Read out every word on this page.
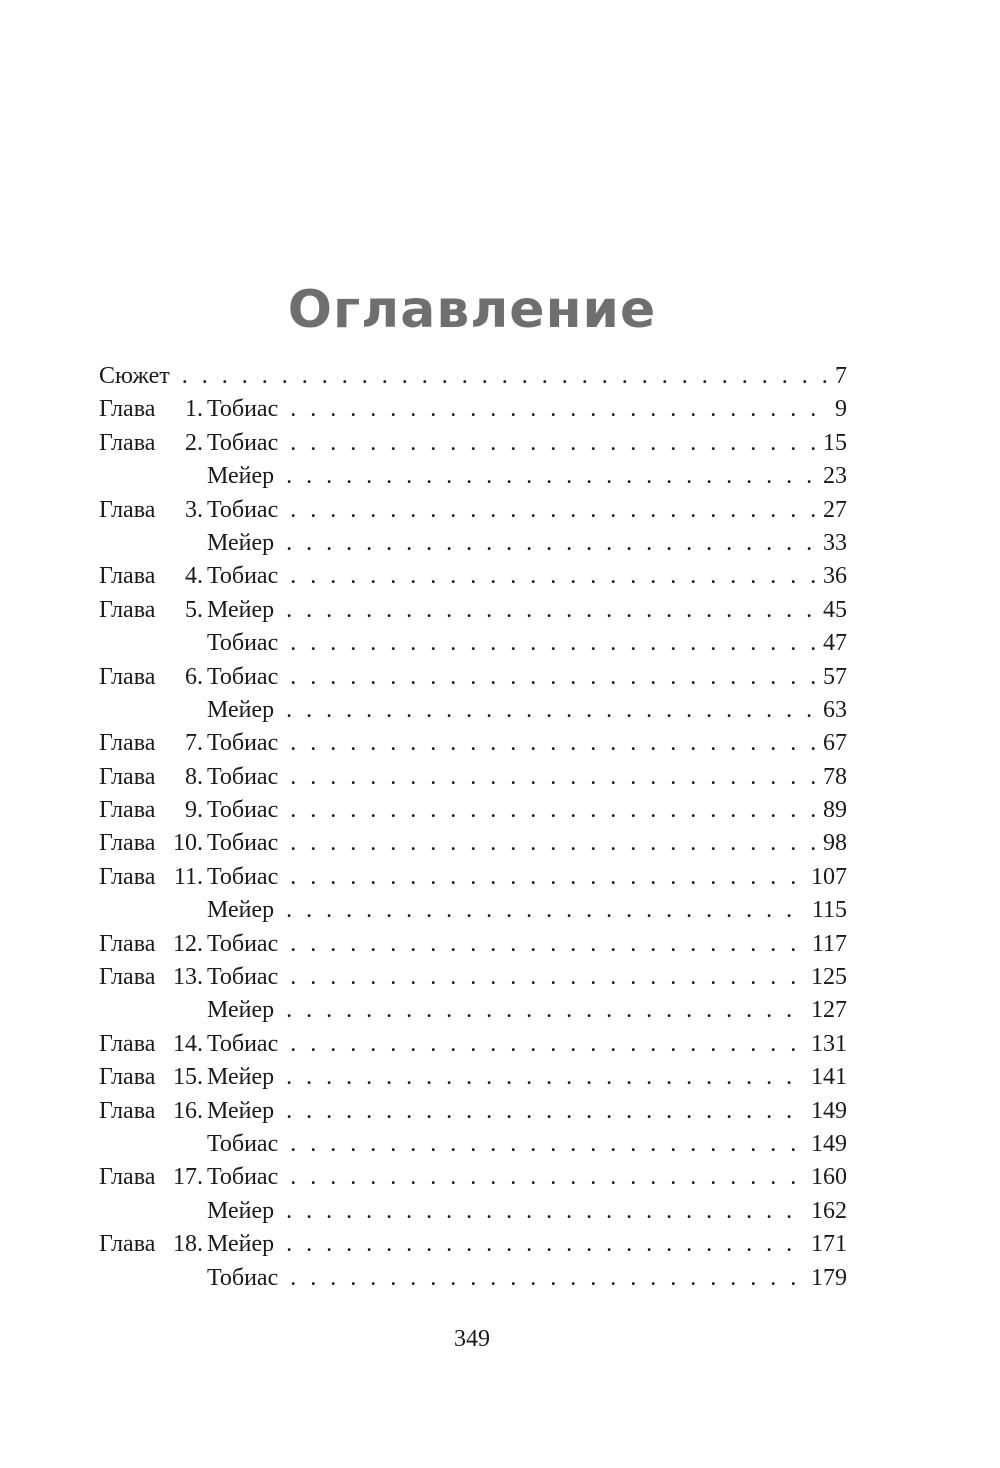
Оглавление
Сюжет . . .	7
Глава	1. Тобиас . . .	9
Глава	2. Тобиас . . .	15
Мейер . . .	23
Глава	3. Тобиас . . .	27
Мейер . . .	33
Глава	4. Тобиас . . .	36
Глава	5. Мейер . . .	45
Тобиас . . .	47
Глава	6. Тобиас . . .	57
Мейер . . .	63
Глава	7. Тобиас . . .	67
Глава	8. Тобиас . . .	78
Глава	9. Тобиас . . .	89
Глава 10. Тобиас . . .	98
Глава 11. Тобиас . . .	107
Мейер . . .	115
Глава 12. Тобиас . . .	117
Глава 13. Тобиас . . .	125
Мейер . . .	127
Глава 14. Тобиас . . .	131
Глава 15. Мейер . . .	141
Глава 16. Мейер . . .	149
Тобиас . . .	149
Глава 17. Тобиас . . .	160
Мейер . . .	162
Глава 18. Мейер . . .	171
Тобиас . . .	179
349
